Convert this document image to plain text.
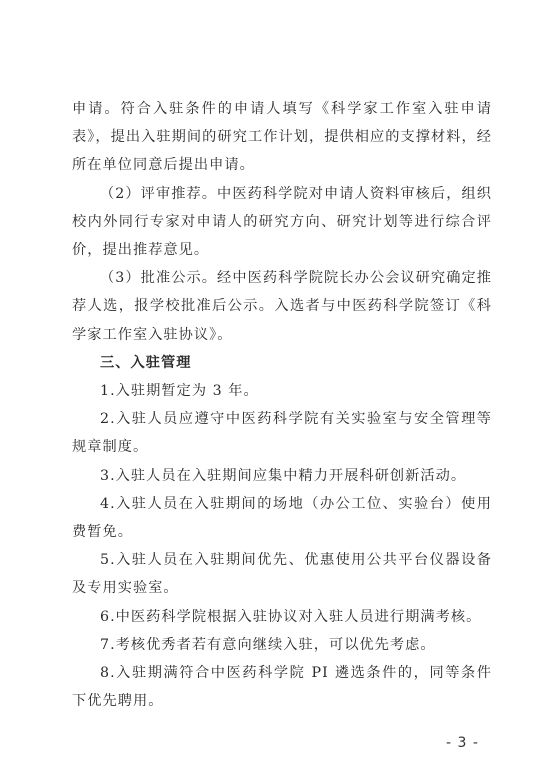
申请。符合入驻条件的申请人填写《科学家工作室入驻申请表》，提出入驻期间的研究工作计划，提供相应的支撑材料，经所在单位同意后提出申请。

（2）评审推荐。中医药科学院对申请人资料审核后，组织校内外同行专家对申请人的研究方向、研究计划等进行综合评价，提出推荐意见。

（3）批准公示。经中医药科学院院长办公会议研究确定推荐人选，报学校批准后公示。入选者与中医药科学院签订《科学家工作室入驻协议》。

三、入驻管理

1.入驻期暂定为 3 年。

2.入驻人员应遵守中医药科学院有关实验室与安全管理等规章制度。

3.入驻人员在入驻期间应集中精力开展科研创新活动。

4.入驻人员在入驻期间的场地（办公工位、实验台）使用费暂免。

5.入驻人员在入驻期间优先、优惠使用公共平台仪器设备及专用实验室。

6.中医药科学院根据入驻协议对入驻人员进行期满考核。

7.考核优秀者若有意向继续入驻，可以优先考虑。

8.入驻期满符合中医药科学院 PI 遴选条件的，同等条件下优先聘用。

- 3 -
